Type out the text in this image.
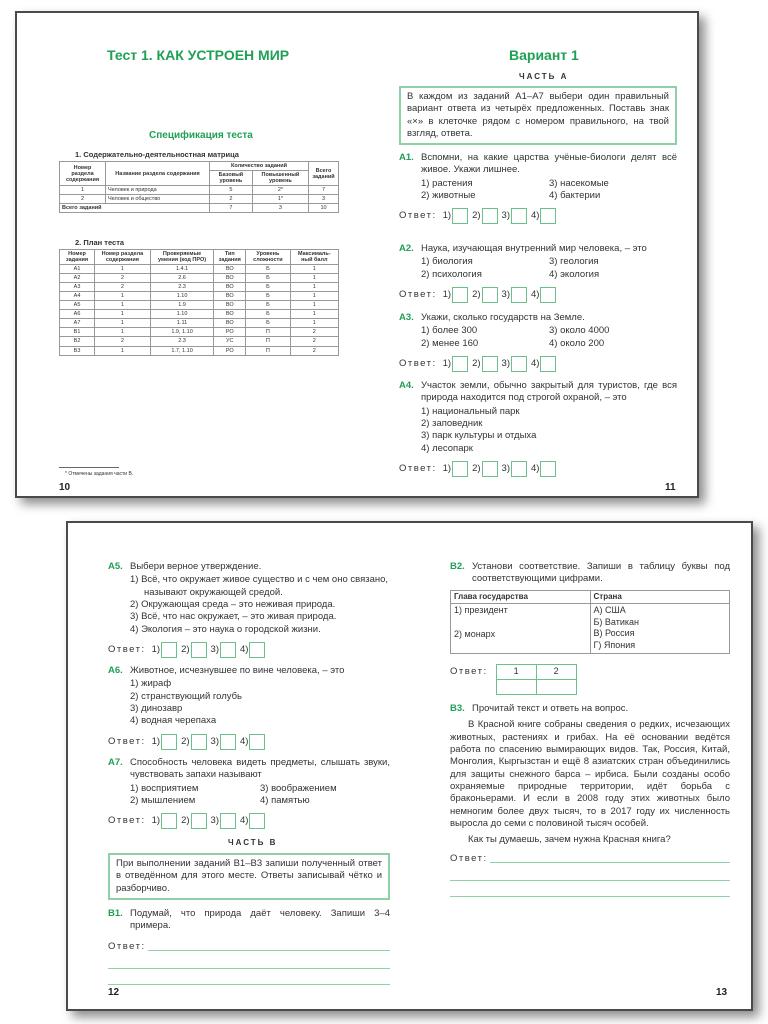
Тест 1. КАК УСТРОЕН МИР
Спецификация теста
1. Содержательно-деятельностная матрица
Номер раздела содержания	Название раздела содержания	Количество заданий		Всего заданий
		Базовый уровень	Повышенный уровень	
1	Человек и природа	5	2*	7
2	Человек и общество	2	1*	3
Всего заданий		7	3	10
2. План теста
Номер задания	Номер раздела содержания	Проверяемые умения (код ПРО)	Тип задания	Уровень сложности	Максималь-ный балл
А1	1	1.4.1	ВО	Б	1
А2	2	2.6	ВО	Б	1
А3	2	2.3	ВО	Б	1
А4	1	1.10	ВО	Б	1
А5	1	1.9	ВО	Б	1
А6	1	1.10	ВО	Б	1
А7	1	1.11	ВО	Б	1
В1	1	1.9, 1.10	РО	П	2
В2	2	2.3	УС	П	2
В3	1	1.7, 1.10	РО	П	2
* Отмечены задания части В.
10
Вариант 1
ЧАСТЬ А
В каждом из заданий А1–А7 выбери один правильный вариант ответа из четырёх предложенных. Поставь знак «×» в клеточке рядом с номером правильного, на твой взгляд, ответа.
А1. Вспомни, на какие царства учёные-биологи делят всё живое. Укажи лишнее.
1) растения	3) насекомые
2) животные	4) бактерии
Ответ: 1) 2) 3) 4)
А2. Наука, изучающая внутренний мир человека, – это
1) биология	3) геология
2) психология	4) экология
Ответ: 1) 2) 3) 4)
А3. Укажи, сколько государств на Земле.
1) более 300	3) около 4000
2) менее 160	4) около 200
Ответ: 1) 2) 3) 4)
А4. Участок земли, обычно закрытый для туристов, где вся природа находится под строгой охраной, – это
1) национальный парк
2) заповедник
3) парк культуры и отдыха
4) лесопарк
Ответ: 1) 2) 3) 4)
11
А5. Выбери верное утверждение.
1) Всё, что окружает живое существо и с чем оно связано, называют окружающей средой.
2) Окружающая среда – это неживая природа.
3) Всё, что нас окружает, – это живая природа.
4) Экология – это наука о городской жизни.
Ответ: 1) 2) 3) 4)
А6. Животное, исчезнувшее по вине человека, – это
1) жираф
2) странствующий голубь
3) динозавр
4) водная черепаха
Ответ: 1) 2) 3) 4)
А7. Способность человека видеть предметы, слышать звуки, чувствовать запахи называют
1) восприятием	3) воображением
2) мышлением	4) памятью
Ответ: 1) 2) 3) 4)
ЧАСТЬ В
При выполнении заданий В1–В3 запиши полученный ответ в отведённом для этого месте. Ответы записывай чётко и разборчиво.
В1. Подумай, что природа даёт человеку. Запиши 3–4 примера.
Ответ:
12
В2. Установи соответствие. Запиши в таблицу буквы под соответствующими цифрами.
Глава государства	Страна

1) президент
2) монарх

А) США
Б) Ватикан
В) Россия
Г) Япония
Ответ:	1	2

В3. Прочитай текст и ответь на вопрос.
В Красной книге собраны сведения о редких, исчезающих животных, растениях и грибах. На её основании ведётся работа по спасению вымирающих видов. Так, Россия, Китай, Монголия, Кыргызстан и ещё 8 азиатских стран объединились для защиты снежного барса – ирбиса. Были созданы особо охраняемые природные территории, идёт борьба с браконьерами. И если в 2008 году этих животных было немногим более двух тысяч, то в 2017 году их численность выросла до семи с половиной тысяч особей.
Как ты думаешь, зачем нужна Красная книга?
Ответ:
13
